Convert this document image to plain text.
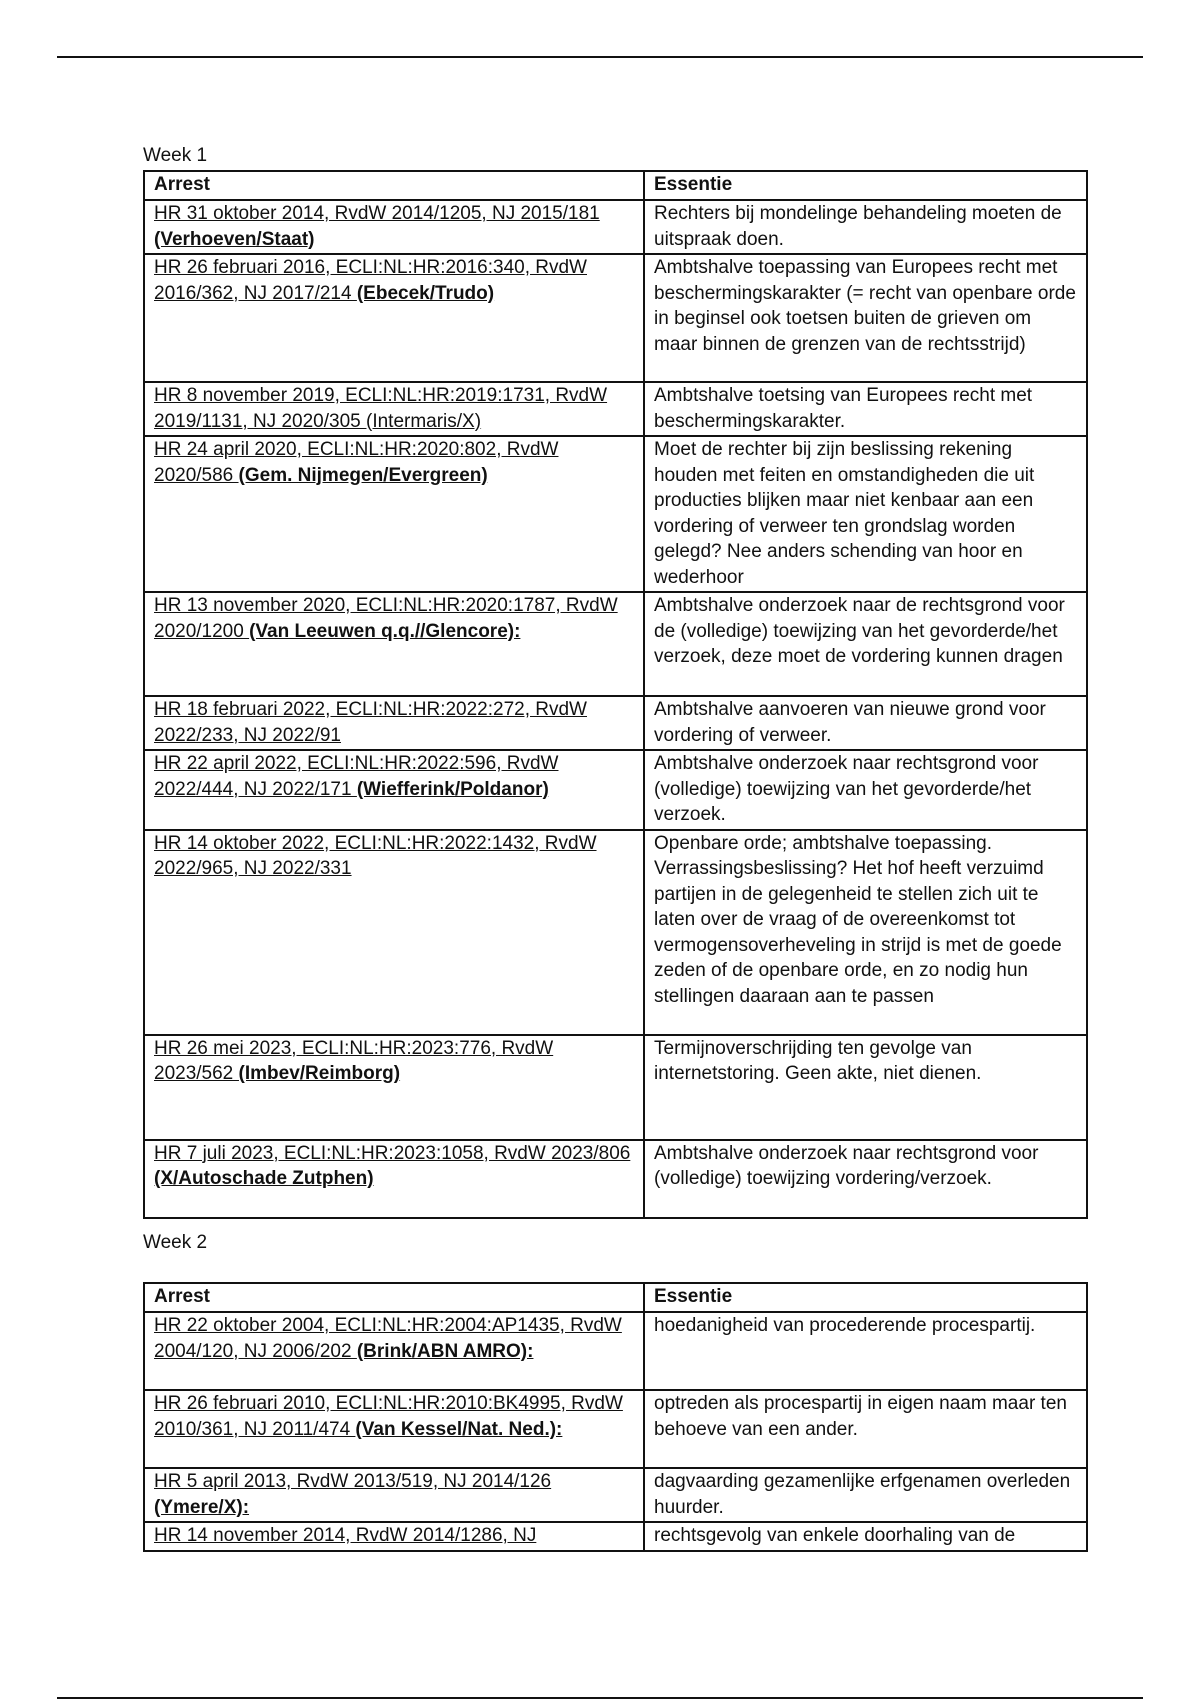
Week 1
Arrest	Essentie
HR 31 oktober 2014, RvdW 2014/1205, NJ 2015/181 (Verhoeven/Staat)	Rechters bij mondelinge behandeling moeten de uitspraak doen.
HR 26 februari 2016, ECLI:NL:HR:2016:340, RvdW 2016/362, NJ 2017/214 (Ebecek/Trudo)	Ambtshalve toepassing van Europees recht met beschermingskarakter (= recht van openbare orde in beginsel ook toetsen buiten de grieven om maar binnen de grenzen van de rechtsstrijd)
HR 8 november 2019, ECLI:NL:HR:2019:1731, RvdW 2019/1131, NJ 2020/305 (Intermaris/X)	Ambtshalve toetsing van Europees recht met beschermingskarakter.
HR 24 april 2020, ECLI:NL:HR:2020:802, RvdW 2020/586 (Gem. Nijmegen/Evergreen)	Moet de rechter bij zijn beslissing rekening houden met feiten en omstandigheden die uit producties blijken maar niet kenbaar aan een vordering of verweer ten grondslag worden gelegd? Nee anders schending van hoor en wederhoor
HR 13 november 2020, ECLI:NL:HR:2020:1787, RvdW 2020/1200 (Van Leeuwen q.q.//Glencore):	Ambtshalve onderzoek naar de rechtsgrond voor de (volledige) toewijzing van het gevorderde/het verzoek, deze moet de vordering kunnen dragen
HR 18 februari 2022, ECLI:NL:HR:2022:272, RvdW 2022/233, NJ 2022/91	Ambtshalve aanvoeren van nieuwe grond voor vordering of verweer.
HR 22 april 2022, ECLI:NL:HR:2022:596, RvdW 2022/444, NJ 2022/171 (Wiefferink/Poldanor)	Ambtshalve onderzoek naar rechtsgrond voor (volledige) toewijzing van het gevorderde/het verzoek.
HR 14 oktober 2022, ECLI:NL:HR:2022:1432, RvdW 2022/965, NJ 2022/331	Openbare orde; ambtshalve toepassing. Verrassingsbeslissing? Het hof heeft verzuimd partijen in de gelegenheid te stellen zich uit te laten over de vraag of de overeenkomst tot vermogensoverheveling in strijd is met de goede zeden of de openbare orde, en zo nodig hun stellingen daaraan aan te passen
HR 26 mei 2023, ECLI:NL:HR:2023:776, RvdW 2023/562 (Imbev/Reimborg)	Termijnoverschrijding ten gevolge van internetstoring. Geen akte, niet dienen.
HR 7 juli 2023, ECLI:NL:HR:2023:1058, RvdW 2023/806 (X/Autoschade Zutphen)	Ambtshalve onderzoek naar rechtsgrond voor (volledige) toewijzing vordering/verzoek.
Week 2
Arrest	Essentie
HR 22 oktober 2004, ECLI:NL:HR:2004:AP1435, RvdW 2004/120, NJ 2006/202 (Brink/ABN AMRO):	hoedanigheid van procederende procespartij.
HR 26 februari 2010, ECLI:NL:HR:2010:BK4995, RvdW 2010/361, NJ 2011/474 (Van Kessel/Nat. Ned.):	optreden als procespartij in eigen naam maar ten behoeve van een ander.
HR 5 april 2013, RvdW 2013/519, NJ 2014/126 (Ymere/X):	dagvaarding gezamenlijke erfgenamen overleden huurder.
HR 14 november 2014, RvdW 2014/1286, NJ	rechtsgevolg van enkele doorhaling van de
